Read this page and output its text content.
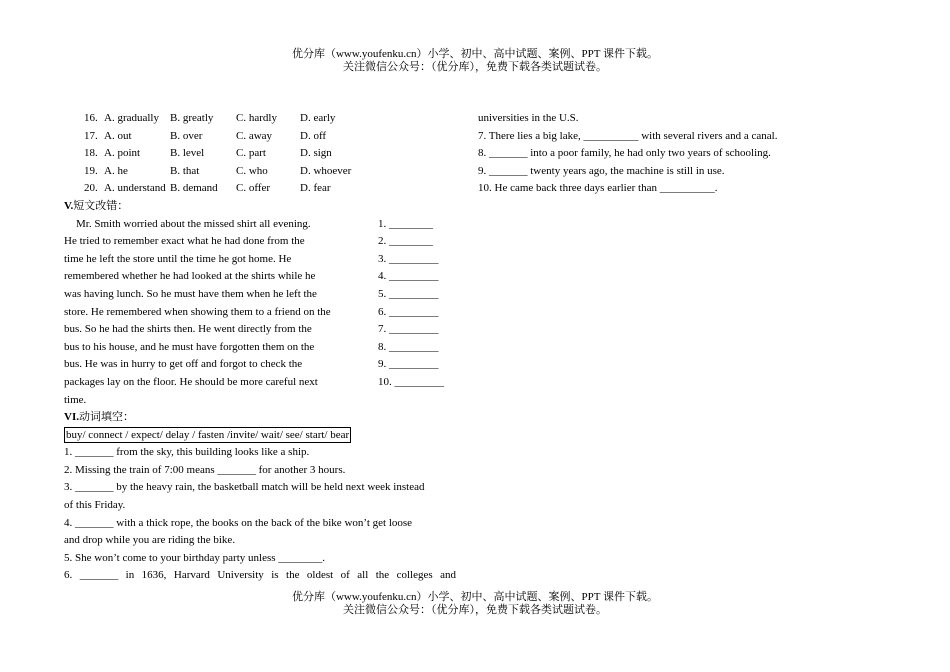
优分库（www.youfenku.cn）小学、初中、高中试题、案例、PPT 课件下载。
关注微信公众号：（优分库），免费下载各类试题试卷。
16. A. gradually B. greatly C. hardly D. early
17. A. out	B. over	C. away	D. off
18. A. point	B. level	C. part	D. sign
19. A. he	B. that	C. who	D. whoever
20. A. understand B. demand C. offer	D. fear
V.短文改错：
Mr. Smith worried about the missed shirt all evening.	1. ________
He tried to remember exact what he had done from the	2. ________
time he left the store until the time he got home. He	3. _________
remembered whether he had looked at the shirts while he	4. _________
was having lunch. So he must have them when he left the	5. _________
store. He remembered when showing them to a friend on the	6. _________
bus. So he had the shirts then. He went directly from the	7. _________
bus to his house, and he must have forgotten them on the	8. _________
bus. He was in hurry to get off and forgot to check the	9. _________
packages lay on the floor. He should be more careful next	10. _________
time.
VI.动词填空：
buy/ connect / expect/ delay / fasten /invite/ wait/ see/ start/ bear
1. _______ from the sky, this building looks like a ship.
2. Missing the train of 7:00 means _______ for another 3 hours.
3. _______ by the heavy rain, the basketball match will be held next week instead
of this Friday.
4. _______ with a thick rope, the books on the back of the bike won’t get loose
and drop while you are riding the bike.
5. She won’t come to your birthday party unless ________.
6. _______ in 1636, Harvard University is the oldest of all the colleges and
universities in the U.S.
7. There lies a big lake, __________ with several rivers and a canal.
8. _______ into a poor family, he had only two years of schooling.
9. _______ twenty years ago, the machine is still in use.
10. He came back three days earlier than __________.
优分库（www.youfenku.cn）小学、初中、高中试题、案例、PPT 课件下载。
关注微信公众号：（优分库），免费下载各类试题试卷。
